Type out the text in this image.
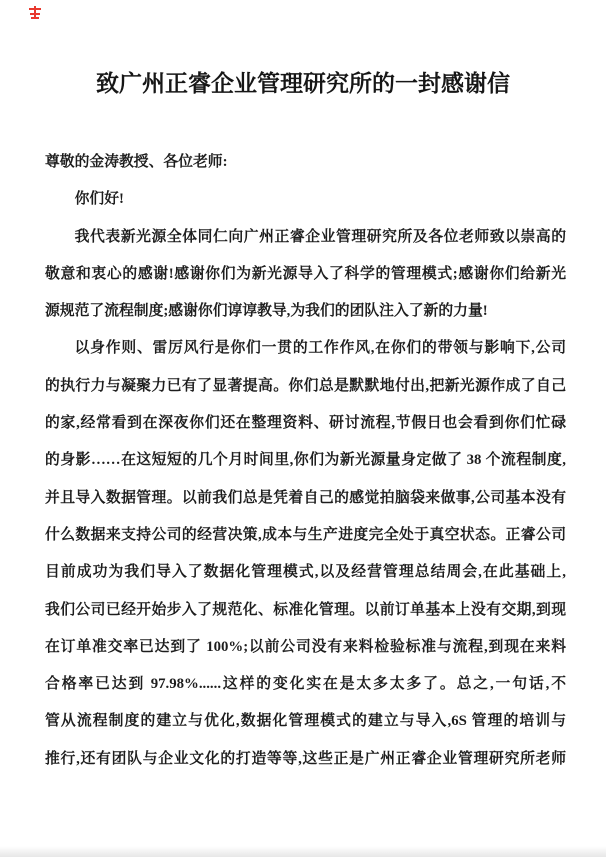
致广州正睿企业管理研究所的一封感谢信
尊敬的金涛教授、各位老师:
你们好!
我代表新光源全体同仁向广州正睿企业管理研究所及各位老师致以崇高的
敬意和衷心的感谢!感谢你们为新光源导入了科学的管理模式;感谢你们给新光
源规范了流程制度;感谢你们谆谆教导,为我们的团队注入了新的力量!
以身作则、雷厉风行是你们一贯的工作作风,在你们的带领与影响下,公司
的执行力与凝聚力已有了显著提高。你们总是默默地付出,把新光源作成了自己
的家,经常看到在深夜你们还在整理资料、研讨流程,节假日也会看到你们忙碌
的身影……在这短短的几个月时间里,你们为新光源量身定做了 38 个流程制度,
并且导入数据管理。以前我们总是凭着自己的感觉拍脑袋来做事,公司基本没有
什么数据来支持公司的经营决策,成本与生产进度完全处于真空状态。正睿公司
目前成功为我们导入了数据化管理模式,以及经营管理总结周会,在此基础上,
我们公司已经开始步入了规范化、标准化管理。以前订单基本上没有交期,到现
在订单准交率已达到了 100%;以前公司没有来料检验标准与流程,到现在来料
合格率已达到 97.98%......这样的变化实在是太多太多了。总之,一句话,不
管从流程制度的建立与优化,数据化管理模式的建立与导入,6S 管理的培训与
推行,还有团队与企业文化的打造等等,这些正是广州正睿企业管理研究所老师
